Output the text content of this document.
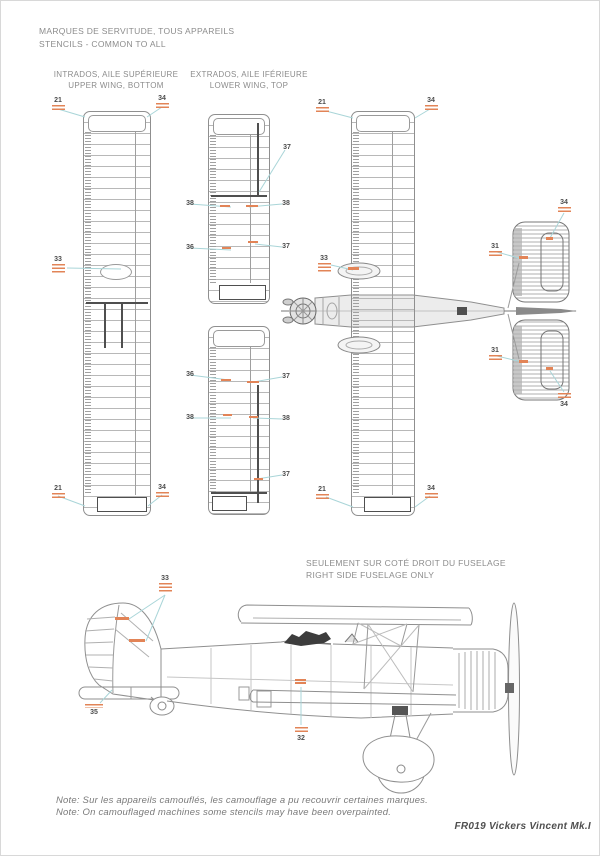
MARQUES DE SERVITUDE, TOUS APPAREILS
STENCILS - COMMON TO ALL
INTRADOS, AILE SUPÉRIEURE
UPPER WING, BOTTOM
EXTRADOS, AILE IFÉRIEURE
LOWER WING, TOP
SEULEMENT SUR COTÉ DROIT DU FUSELAGE
RIGHT SIDE FUSELAGE ONLY
Note: Sur les appareils camouflés, les camouflage a pu recouvrir certaines marques.
Note: On camouflaged machines some stencils may have been overpainted.
FR019 Vickers Vincent Mk.I
21	34
33
21	34
37
38	38
36	37
36	37
38	38
37
21	34
21	34
33
31
34
31
34
33
35
32
